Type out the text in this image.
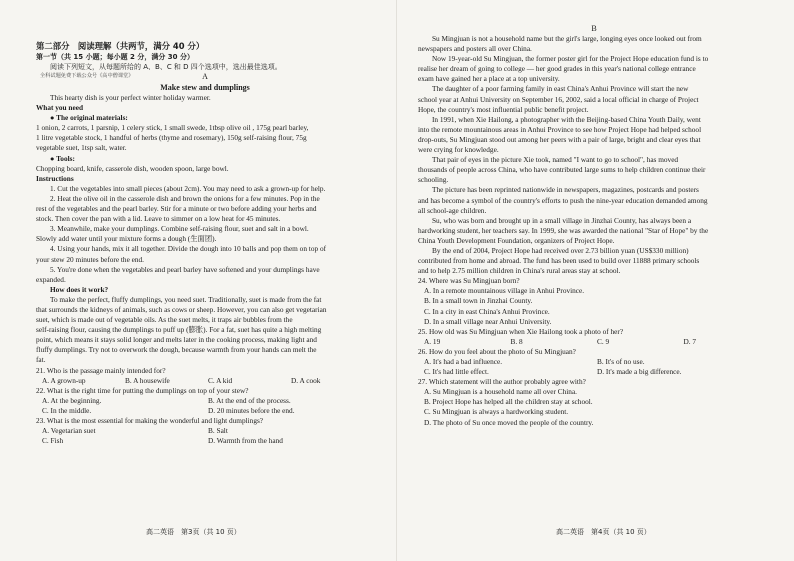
第二部分　阅读理解（共两节，满分 40 分）
第一节（共 15 小题；每小题 2 分，满分 30 分）
阅读下列短文，从每题所给的 A、B、C 和 D 四个选项中，选出最佳选项。
全科试题免费下载公众号《高中僧课堂》	A
Make stew and dumplings
This hearty dish is your perfect winter holiday warmer.
What you need
● The original materials:
1 onion, 2 carrots, 1 parsnip, 1 celery stick, 1 small swede, 1tbsp olive oil , 175g pearl barley,
1 litre vegetable stock, 1 handful of herbs (thyme and rosemary), 150g self-raising flour, 75g
vegetable suet, 1tsp salt, water.
● Tools:
Chopping board, knife, casserole dish, wooden spoon, large bowl.
Instructions
1. Cut the vegetables into small pieces (about 2cm). You may need to ask a grown-up for help.
2. Heat the olive oil in the casserole dish and brown the onions for a few minutes. Pop in the
rest of the vegetables and the pearl barley. Stir for a minute or two before adding your herbs and
stock. Then cover the pan with a lid. Leave to simmer on a low heat for 45 minutes.
3. Meanwhile, make your dumplings. Combine self-raising flour, suet and salt in a bowl.
Slowly add water until your mixture forms a dough (生面团).
4. Using your hands, mix it all together. Divide the dough into 10 balls and pop them on top of
your stew 20 minutes before the end.
5. You're done when the vegetables and pearl barley have softened and your dumplings have
expanded.
How does it work?
To make the perfect, fluffy dumplings, you need suet. Traditionally, suet is made from the fat
that surrounds the kidneys of animals, such as cows or sheep. However, you can also get vegetarian
suet, which is made out of vegetable oils. As the suet melts, it traps air bubbles from the
self-raising flour, causing the dumplings to puff up (膨胀). For a fat, suet has quite a high melting
point, which means it stays solid longer and melts later in the cooking process, making light and
fluffy dumplings. Try not to overwork the dough, because warmth from your hands can melt the
fat.
21. Who is the passage mainly intended for?
A. A grown-up	B. A housewife	C. A kid	D. A cook
22. What is the right time for putting the dumplings on top of your stew?
A. At the beginning.	B. At the end of the process.
C. In the middle.	D. 20 minutes before the end.
23. What is the most essential for making the wonderful and light dumplings?
A. Vegetarian suet	B. Salt
C. Fish	D. Warmth from the hand
B
Su Mingjuan is not a household name but the girl's large, longing eyes once looked out from
newspapers and posters all over China.
Now 19-year-old Su Mingjuan, the former poster girl for the Project Hope education fund is to
realise her dream of going to college — her good grades in this year's national college entrance
exam have gained her a place at a top university.
The daughter of a poor farming family in east China's Anhui Province will start the new
school year at Anhui University on September 16, 2002, said a local official in charge of Project
Hope, the country's most influential public benefit project.
In 1991, when Xie Hailong, a photographer with the Beijing-based China Youth Daily, went
into the remote mountainous areas in Anhui Province to see how Project Hope had helped school
drop-outs, Su Mingjuan stood out among her peers with a pair of large, bright and clear eyes that
were crying for knowledge.
That pair of eyes in the picture Xie took, named "I want to go to school", has moved
thousands of people across China, who have contributed large sums to help children continue their
schooling.
The picture has been reprinted nationwide in newspapers, magazines, postcards and posters
and has become a symbol of the country's efforts to push the nine-year education demanded among
all school-age children.
Su, who was born and brought up in a small village in Jinzhai County, has always been a
hardworking student, her teachers say. In 1999, she was awarded the national "Star of Hope" by the
China Youth Development Foundation, organizers of Project Hope.
By the end of 2004, Project Hope had received over 2.73 billion yuan (US$330 million)
contributed from home and abroad. The fund has been used to build over 11888 primary schools
and to help 2.75 million children in China's rural areas stay at school.
24. Where was Su Mingjuan born?
A. In a remote mountainous village in Anhui Province.
B. In a small town in Jinzhai County.
C. In a city in east China's Anhui Province.
D. In a small village near Anhui University.
25. How old was Su Mingjuan when Xie Hailong took a photo of her?
A. 19	B. 8	C. 9	D. 7
26. How do you feel about the photo of Su Mingjuan?
A. It's had a bad influence.	B. It's of no use.
C. It's had little effect.	D. It's made a big difference.
27. Which statement will the author probably agree with?
A. Su Mingjuan is a household name all over China.
B. Project Hope has helped all the children stay at school.
C. Su Mingjuan is always a hardworking student.
D. The photo of Su once moved the people of the country.
高二英语　第3页（共 10 页）	高二英语　第4页（共 10 页）
